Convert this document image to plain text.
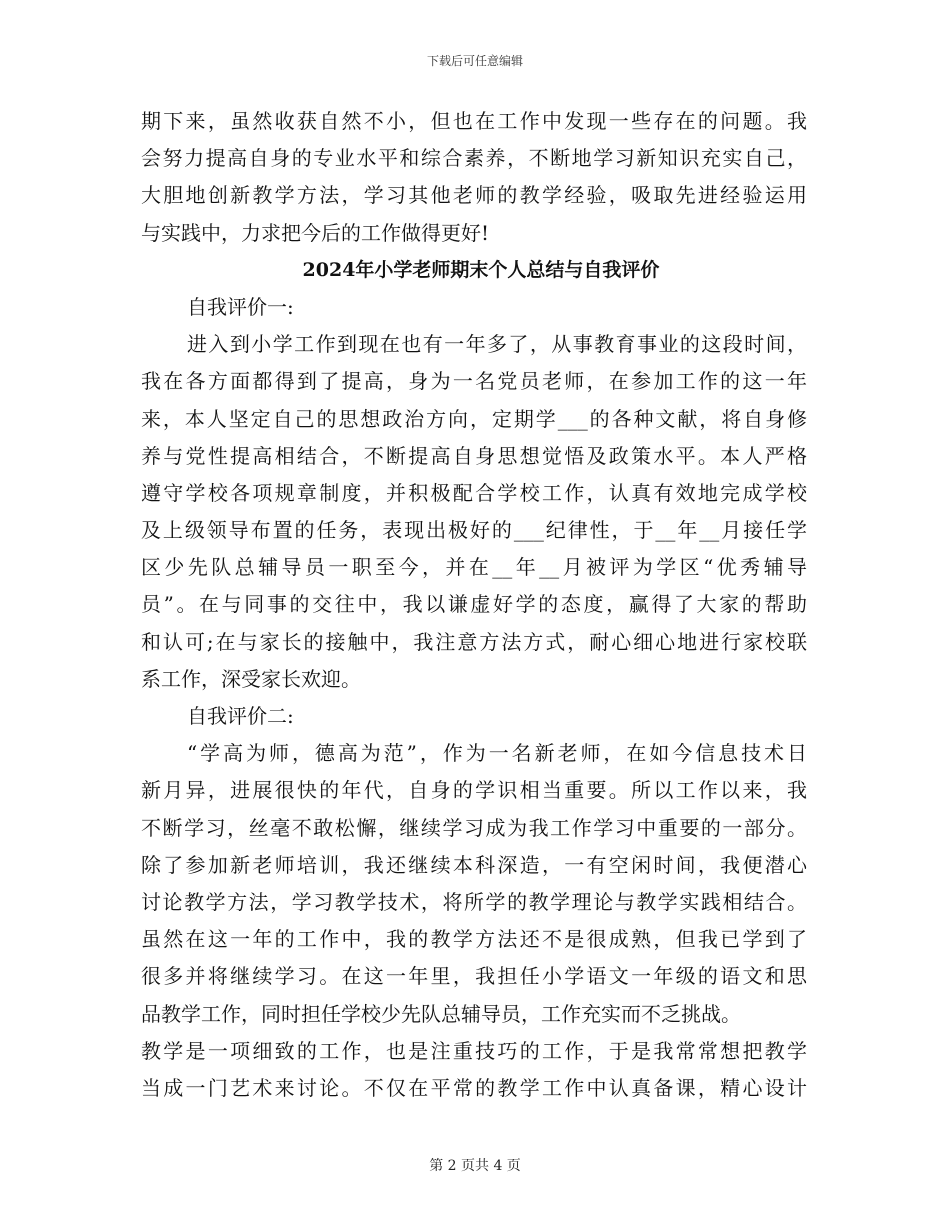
下载后可任意编辑
期下来，虽然收获自然不小，但也在工作中发现一些存在的问题。我
会努力提高自身的专业水平和综合素养，不断地学习新知识充实自己，
大胆地创新教学方法，学习其他老师的教学经验，吸取先进经验运用
与实践中，力求把今后的工作做得更好!
2024年小学老师期末个人总结与自我评价
自我评价一:
进入到小学工作到现在也有一年多了，从事教育事业的这段时间，
我在各方面都得到了提高，身为一名党员老师，在参加工作的这一年
来，本人坚定自己的思想政治方向，定期学___的各种文献，将自身修
养与党性提高相结合，不断提高自身思想觉悟及政策水平。本人严格
遵守学校各项规章制度，并积极配合学校工作，认真有效地完成学校
及上级领导布置的任务，表现出极好的___纪律性，于__年__月接任学
区少先队总辅导员一职至今，并在__年__月被评为学区“优秀辅导
员”。在与同事的交往中，我以谦虚好学的态度，赢得了大家的帮助
和认可;在与家长的接触中，我注意方法方式，耐心细心地进行家校联
系工作，深受家长欢迎。
自我评价二:
“学高为师，德高为范”，作为一名新老师，在如今信息技术日
新月异，进展很快的年代，自身的学识相当重要。所以工作以来，我
不断学习，丝毫不敢松懈，继续学习成为我工作学习中重要的一部分。
除了参加新老师培训，我还继续本科深造，一有空闲时间，我便潜心
讨论教学方法，学习教学技术，将所学的教学理论与教学实践相结合。
虽然在这一年的工作中，我的教学方法还不是很成熟，但我已学到了
很多并将继续学习。在这一年里，我担任小学语文一年级的语文和思
品教学工作，同时担任学校少先队总辅导员，工作充实而不乏挑战。
教学是一项细致的工作，也是注重技巧的工作，于是我常常想把教学
当成一门艺术来讨论。不仅在平常的教学工作中认真备课，精心设计
第 2 页共 4 页
